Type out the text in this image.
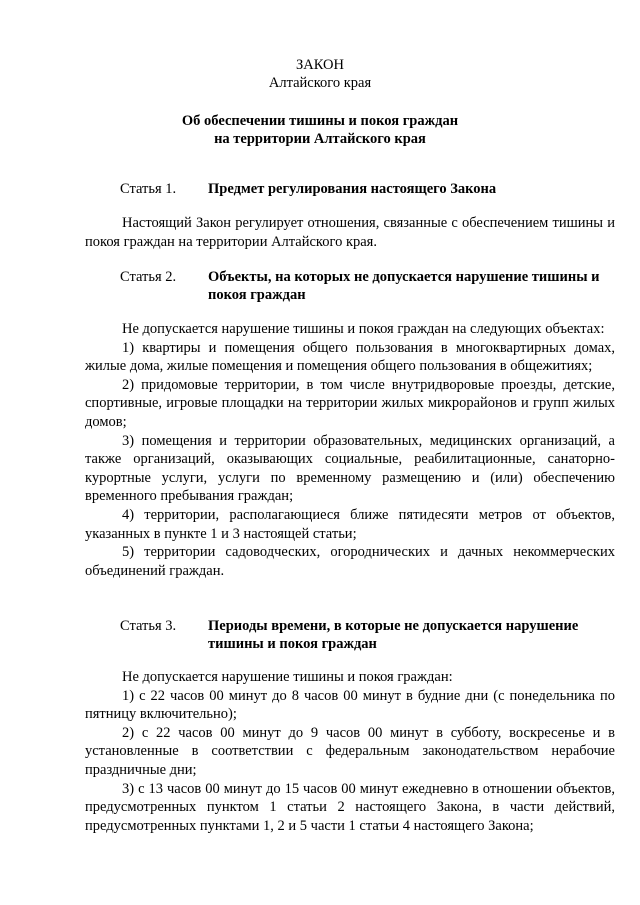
ЗАКОН
Алтайского края
Об обеспечении тишины и покоя граждан
на территории Алтайского края
Статья 1. Предмет регулирования настоящего Закона

Настоящий Закон регулирует отношения, связанные с обеспечением тишины и покоя граждан на территории Алтайского края.

Статья 2. Объекты, на которых не допускается нарушение тишины и покоя граждан

Не допускается нарушение тишины и покоя граждан на следующих объектах:

1) квартиры и помещения общего пользования в многоквартирных домах, жилые дома, жилые помещения и помещения общего пользования в общежитиях;

2) придомовые территории, в том числе внутридворовые проезды, детские, спортивные, игровые площадки на территории жилых микрорайонов и групп жилых домов;

3) помещения и территории образовательных, медицинских организаций, а также организаций, оказывающих социальные, реабилитационные, санаторно-курортные услуги, услуги по временному размещению и (или) обеспечению временного пребывания граждан;

4) территории, располагающиеся ближе пятидесяти метров от объектов, указанных в пункте 1 и 3 настоящей статьи;

5) территории садоводческих, огороднических и дачных некоммерческих объединений граждан.

Статья 3. Периоды времени, в которые не допускается нарушение тишины и покоя граждан

Не допускается нарушение тишины и покоя граждан:

1) с 22 часов 00 минут до 8 часов 00 минут в будние дни (с понедельника по пятницу включительно);

2) с 22 часов 00 минут до 9 часов 00 минут в субботу, воскресенье и в установленные в соответствии с федеральным законодательством нерабочие праздничные дни;

3) с 13 часов 00 минут до 15 часов 00 минут ежедневно в отношении объектов, предусмотренных пунктом 1 статьи 2 настоящего Закона, в части действий, предусмотренных пунктами 1, 2 и 5 части 1 статьи 4 настоящего Закона;
